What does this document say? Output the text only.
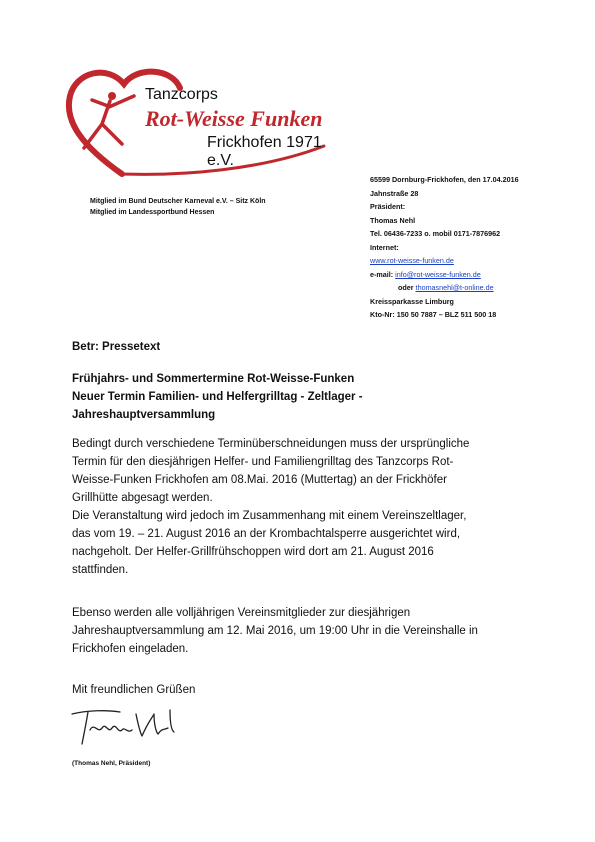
Tanzcorps
Rot-Weisse Funken
Frickhofen 1971 e.V.
Mitglied im Bund Deutscher Karneval e.V. – Sitz Köln
Mitglied im Landessportbund Hessen
65599 Dornburg-Frickhofen, den 17.04.2016
Jahnstraße 28
Präsident:
Thomas Nehl
Tel. 06436-7233 o. mobil 0171-7876962
Internet:
www.rot-weisse-funken.de
e-mail: info@rot-weisse-funken.de
oder thomasnehl@t-online.de
Kreissparkasse Limburg
Kto-Nr: 150 50 7887 – BLZ 511 500 18
Betr: Pressetext
Frühjahrs- und Sommertermine Rot-Weisse-Funken
Neuer Termin Familien- und Helfergrilltag - Zeltlager -
Jahreshauptversammlung
Bedingt durch verschiedene Terminüberschneidungen muss der ursprüngliche
Termin für den diesjährigen Helfer- und Familiengrilltag des Tanzcorps Rot-
Weisse-Funken Frickhofen am 08.Mai. 2016 (Muttertag) an der Frickhöfer
Grillhütte abgesagt werden.
Die Veranstaltung wird jedoch im Zusammenhang mit einem Vereinszeltlager,
das vom 19. – 21. August 2016 an der Krombachtalsperre ausgerichtet wird,
nachgeholt. Der Helfer-Grillfrühschoppen wird dort am 21. August 2016
stattfinden.
Ebenso werden alle volljährigen Vereinsmitglieder zur diesjährigen
Jahreshauptversammlung am 12. Mai 2016, um 19:00 Uhr in die Vereinshalle in
Frickhofen eingeladen.
Mit freundlichen Grüßen
(Thomas Nehl, Präsident)
